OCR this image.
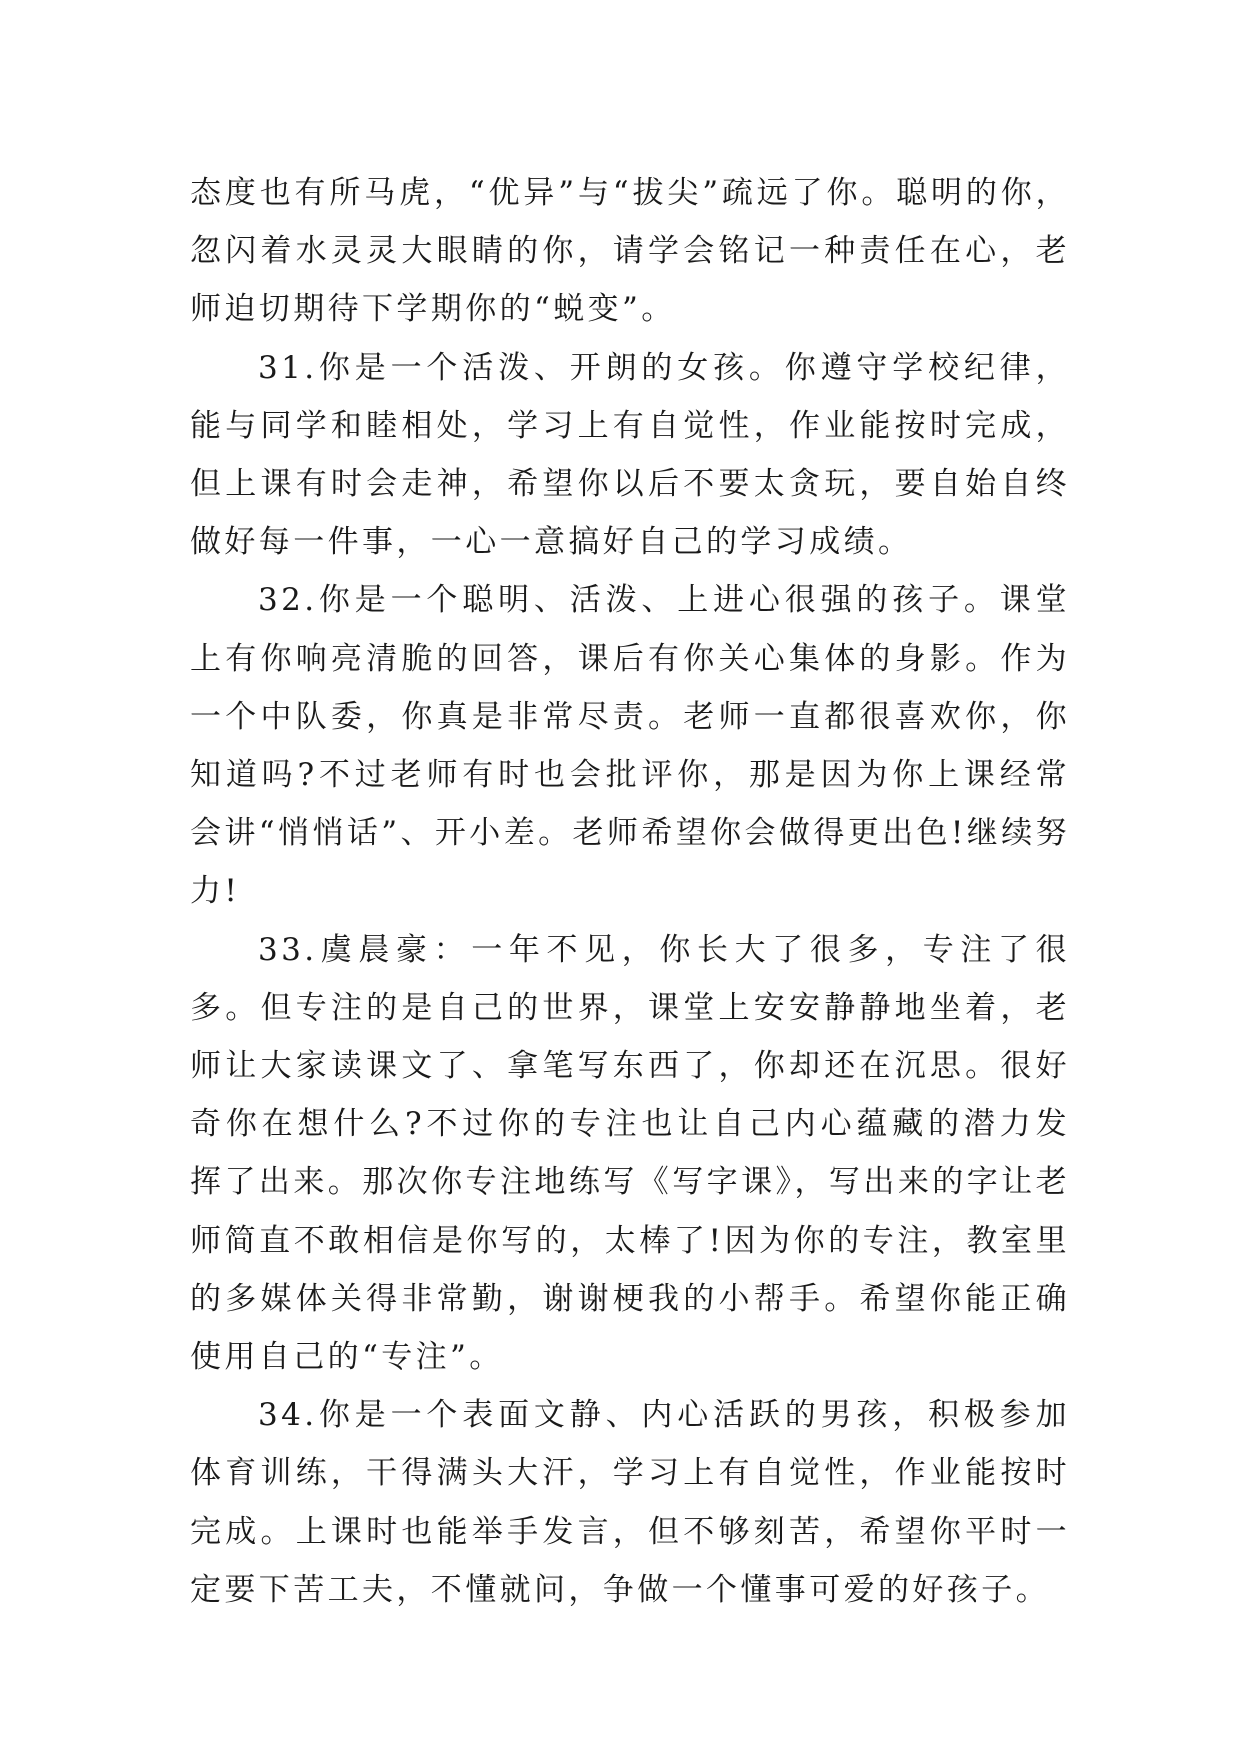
态度也有所马虎，“优异”与“拔尖”疏远了你。聪明的你，忽闪着水灵灵大眼睛的你，请学会铭记一种责任在心，老师迫切期待下学期你的“蜕变”。

31.你是一个活泼、开朗的女孩。你遵守学校纪律，能与同学和睦相处，学习上有自觉性，作业能按时完成，但上课有时会走神，希望你以后不要太贪玩，要自始自终做好每一件事，一心一意搞好自己的学习成绩。

32.你是一个聪明、活泼、上进心很强的孩子。课堂上有你响亮清脆的回答，课后有你关心集体的身影。作为一个中队委，你真是非常尽责。老师一直都很喜欢你，你知道吗?不过老师有时也会批评你，那是因为你上课经常会讲“悄悄话”、开小差。老师希望你会做得更出色!继续努力!

33.虞晨豪：一年不见，你长大了很多，专注了很多。但专注的是自己的世界，课堂上安安静静地坐着，老师让大家读课文了、拿笔写东西了，你却还在沉思。很好奇你在想什么?不过你的专注也让自己内心蕴藏的潜力发挥了出来。那次你专注地练写《写字课》，写出来的字让老师简直不敢相信是你写的，太棒了!因为你的专注，教室里的多媒体关得非常勤，谢谢梗我的小帮手。希望你能正确使用自己的“专注”。

34.你是一个表面文静、内心活跃的男孩，积极参加体育训练，干得满头大汗，学习上有自觉性，作业能按时完成。上课时也能举手发言，但不够刻苦，希望你平时一定要下苦工夫，不懂就问，争做一个懂事可爱的好孩子。
